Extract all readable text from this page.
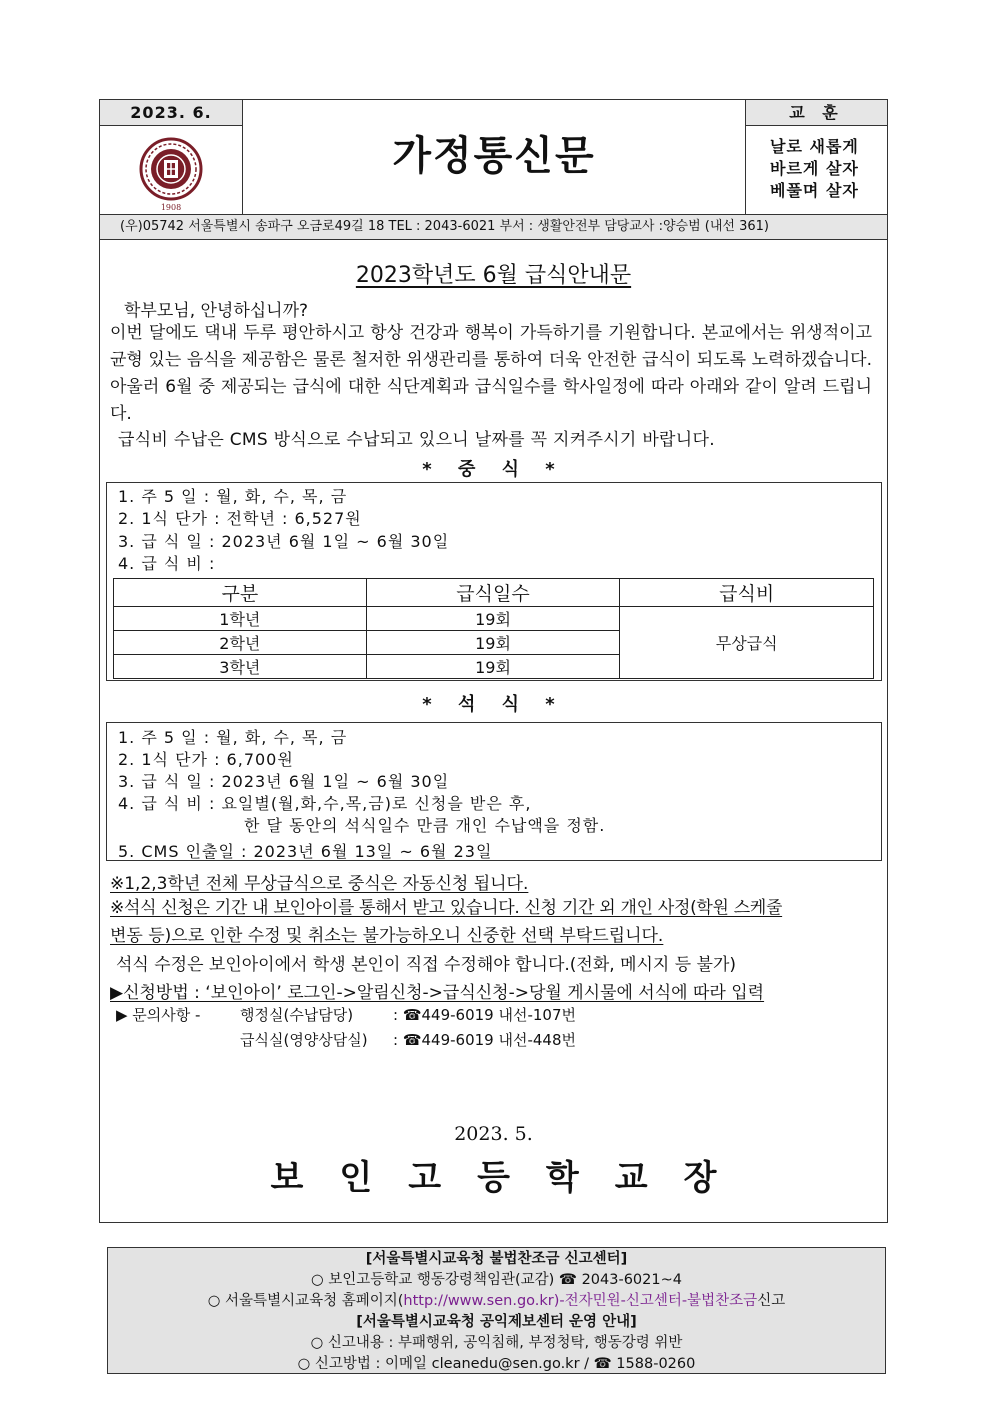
2023. 6.
가정통신문
교 훈
1908
날로 새롭게
바르게 살자
베풀며 살자
(우)05742 서울특별시 송파구 오금로49길 18 TEL : 2043-6021 부서 : 생활안전부 담당교사 :양승범 (내선 361)
2023학년도 6월 급식안내문
학부모님, 안녕하십니까?
이번 달에도 댁내 두루 평안하시고 항상 건강과 행복이 가득하기를 기원합니다. 본교에서는 위생적이고 균형 있는 음식을 제공함은 물론 철저한 위생관리를 통하여 더욱 안전한 급식이 되도록 노력하겠습니다. 아울러 6월 중 제공되는 급식에 대한 식단계획과 급식일수를 학사일정에 따라 아래와 같이 알려 드립니다.
급식비 수납은 CMS 방식으로 수납되고 있으니 날짜를 꼭 지켜주시기 바랍니다.
* 중 식 *
1. 주 5 일 : 월, 화, 수, 목, 금
2. 1식 단가 : 전학년 : 6,527원
3. 급 식 일 : 2023년 6월 1일 ~ 6월 30일
4. 급 식 비 :
구분	급식일수	급식비
1학년	19회	무상급식
2학년	19회	
3학년	19회	
* 석 식 *
1. 주 5 일 : 월, 화, 수, 목, 금
2. 1식 단가 : 6,700원
3. 급 식 일 : 2023년 6월 1일 ~ 6월 30일
4. 급 식 비 : 요일별(월,화,수,목,금)로 신청을 받은 후,
한 달 동안의 석식일수 만큼 개인 수납액을 정함.
5. CMS 인출일 : 2023년 6월 13일 ~ 6월 23일
※1,2,3학년 전체 무상급식으로 중식은 자동신청 됩니다.
※석식 신청은 기간 내 보인아이를 통해서 받고 있습니다. 신청 기간 외 개인 사정(학원 스케줄
변동 등)으로 인한 수정 및 취소는 불가능하오니 신중한 선택 부탁드립니다.
석식 수정은 보인아이에서 학생 본인이 직접 수정해야 합니다.(전화, 메시지 등 불가)
▶신청방법 : ‘보인아이’ 로그인->알림신청->급식신청->당월 게시물에 서식에 따라 입력
▶ 문의사항 -	행정실(수납담당)	: ☎449-6019 내선-107번
급식실(영양상담실) : ☎449-6019 내선-448번
2023. 5.
보인고등학교장
[서울특별시교육청 불법찬조금 신고센터]
○ 보인고등학교 행동강령책임관(교감) ☎ 2043-6021~4
○ 서울특별시교육청 홈페이지(http://www.sen.go.kr)-전자민원-신고센터-불법찬조금신고
[서울특별시교육청 공익제보센터 운영 안내]
○ 신고내용 : 부패행위, 공익침해, 부정청탁, 행동강령 위반
○ 신고방법 : 이메일 cleanedu@sen.go.kr / ☎ 1588-0260
